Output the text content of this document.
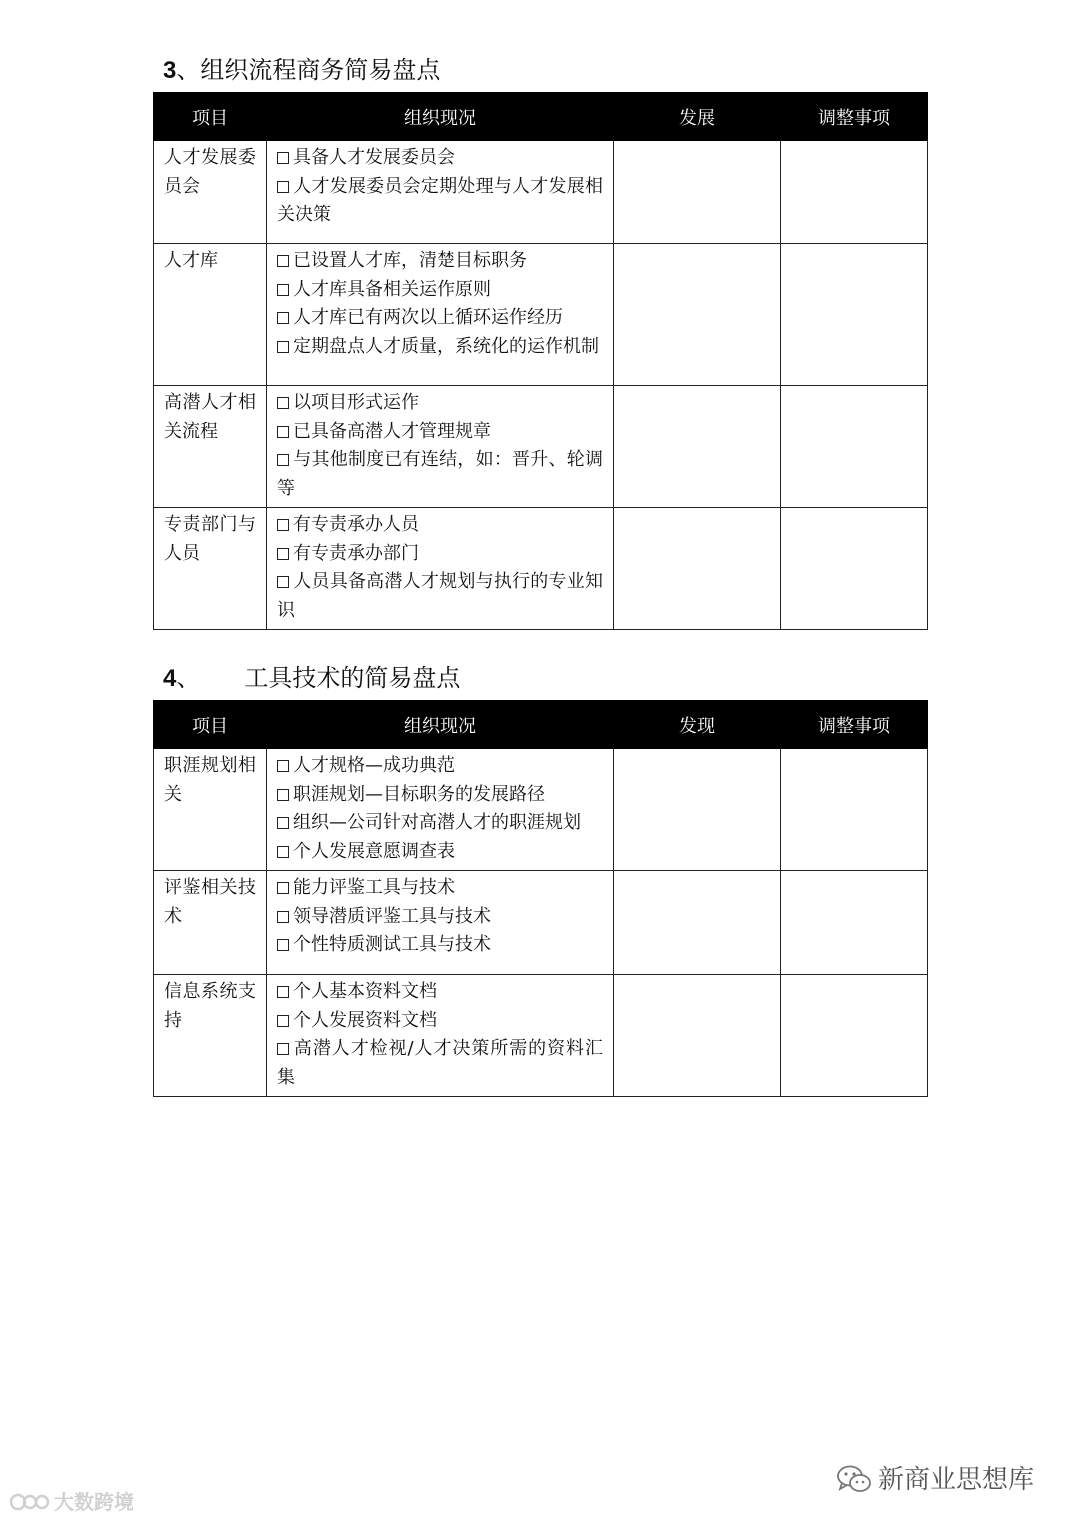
3、组织流程商务简易盘点
项目	组织现况	发展	调整事项
人才发展委员会	具备人才发展委员会
人才发展委员会定期处理与人才发展相关决策		

人才库	已设置人才库，清楚目标职务
人才库具备相关运作原则
人才库已有两次以上循环运作经历
定期盘点人才质量，系统化的运作机制		

高潜人才相关流程	以项目形式运作
已具备高潜人才管理规章
与其他制度已有连结，如：晋升、轮调等		

专责部门与人员	有专责承办人员
有专责承办部门
人员具备高潜人才规划与执行的专业知识		

4、 工具技术的简易盘点
项目	组织现况	发现	调整事项
职涯规划相关	人才规格—成功典范
职涯规划—目标职务的发展路径
组织—公司针对高潜人才的职涯规划
个人发展意愿调查表		

评鉴相关技术	能力评鉴工具与技术
领导潜质评鉴工具与技术
个性特质测试工具与技术		

信息系统支持	个人基本资料文档
个人发展资料文档
高潜人才检视/人才决策所需的资料汇集		

大数跨境
新商业思想库
